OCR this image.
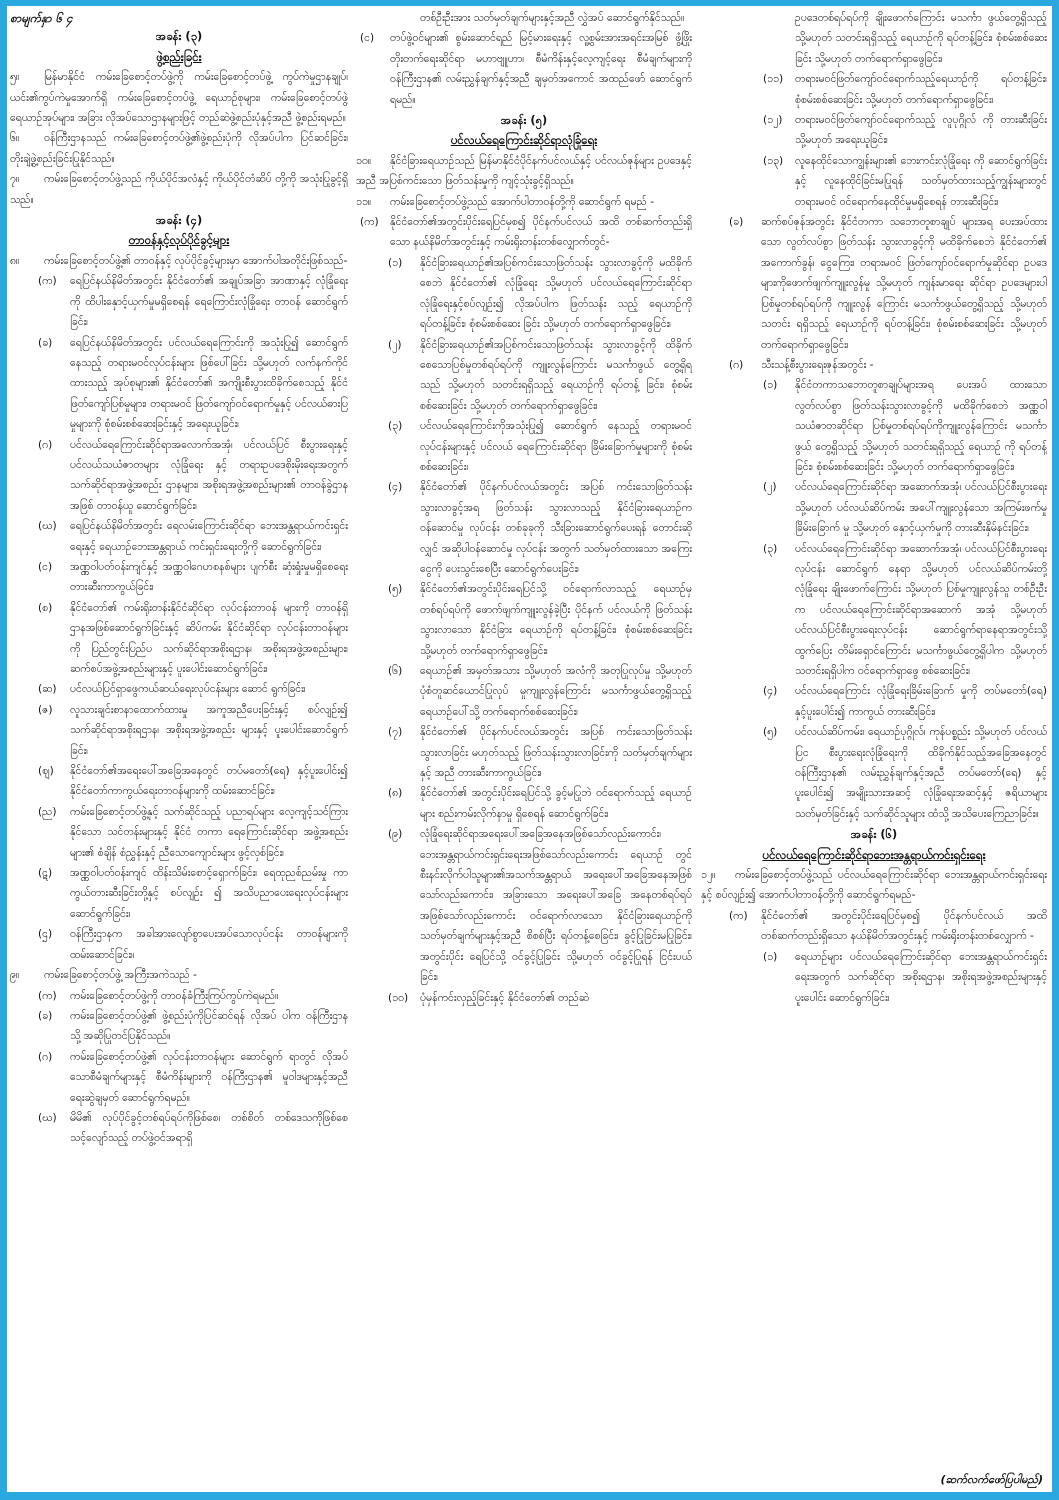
စာမျက်နှာ ၆ ၄
အခန်း (၃)
ဖွဲ့စည်းခြင်း
၅။ မြန်မာနိုင်ငံ ကမ်းခြေစောင့်တပ်ဖွဲ့ကို ကမ်းခြေစောင့်တပ်ဖွဲ့ ကွပ်ကဲမှုဌာနချုပ်၊ ယင်း၏ကွပ်ကဲမှုအောက်ရှိ ကမ်းခြေစောင့်တပ်ဖွဲ့ ရေယာဉ်စုများ၊ ကမ်းခြေစောင့်တပ်ဖွဲ့ ရေယာဉ်အုပ်များ၊ အခြား လိုအပ်သောဌာနများဖြင့် တည်ဆဲဖွဲ့စည်းပုံနှင့်အညီ ဖွဲ့စည်းရမည်။
၆။ ဝန်ကြီးဌာနသည် ကမ်းခြေစောင့်တပ်ဖွဲ့၏ဖွဲ့စည်းပုံကို လိုအပ်ပါက ပြင်ဆင်ခြင်း၊ တိုးချဲ့ဖွဲ့စည်းခြင်းပြုနိုင်သည်။
၇။ ကမ်းခြေစောင့်တပ်ဖွဲ့သည် ကိုယ်ပိုင်အလံနှင့် ကိုယ်ပိုင်တံဆိပ် တို့ကို အသုံးပြုခွင့်ရှိသည်။
အခန်း (၄)
တာဝန်နှင့်လုပ်ပိုင်ခွင့်များ
၈။ ကမ်းခြေစောင့်တပ်ဖွဲ့၏ တာဝန်နှင့် လုပ်ပိုင်ခွင့်များမှာ အောက်ပါအတိုင်းဖြစ်သည်-
(က) ရေပြင်နယ်နိမိတ်အတွင်း နိုင်ငံတော်၏ အချုပ်အခြာ အာဏာနှင့် လုံခြုံရေးကို ထိပါးနှောင့်ယှက်မှုမရှိစေရန် ရေကြောင်းလုံခြုံရေး တာဝန် ဆောင်ရွက်ခြင်း၊
(ခ) ရေပြင်နယ်နိမိတ်အတွင်း ပင်လယ်ရေကြောင်းကို အသုံးပြု၍ ဆောင်ရွက်နေသည့် တရားမဝင်လုပ်ငန်းများ ဖြစ်ပေါ်ခြင်း သို့မဟုတ် လက်နက်ကိုင်ထားသည့် အုပ်စုများ၏ နိုင်ငံတော်၏ အကျိုးစီးပွားထိခိုက်စေသည့် နိုင်ငံဖြတ်ကျော်ပြစ်မှုများ၊ တရားမဝင် ဖြတ်ကျော်ဝင်ရောက်မှုနှင့် ပင်လယ်ဓားပြ မှုများကို စုံစမ်းစစ်ဆေးခြင်းနှင့် အရေးယူခြင်း၊
(ဂ) ပင်လယ်ရေကြောင်းဆိုင်ရာအလောက်အအုံ၊ ပင်လယ်ပြင် စီးပွားရေးနှင့် ပင်လယ်သယံဇာတများ လုံခြုံရေး နှင့် တရားဥပဒေစိုးမိုးရေးအတွက် သက်ဆိုင်ရာအဖွဲ့အစည်း ဌာနများ၊ အစိုးရအဖွဲ့အစည်းများ၏ တာဝန်ခွဲဌာနအဖြစ် တာဝန်ယူ ဆောင်ရွက်ခြင်း၊
(ဃ) ရေပြင်နယ်နိမိတ်အတွင်း ရေလမ်းကြောင်းဆိုင်ရာ ဘေးအန္တရာယ်ကင်းရှင်းရေးနှင့် ရေယာဉ်ဘေးအန္တရာယ် ကင်းရှင်းရေးတို့ကို ဆောင်ရွက်ခြင်း၊
(င) အဏ္ဏဝါပတ်ဝန်းကျင်နှင့် အဏ္ဏဝါဂေဟစနစ်များ ပျက်စီး ဆုံးရှုံးမှုမရှိစေရေး တားဆီးကာကွယ်ခြင်း၊
(စ) နိုင်ငံတော်၏ ကမ်းရိုးတန်းနိုင်ငံဆိုင်ရာ လုပ်ငန်းတာဝန် များကို တာဝန်ရှိဌာနအဖြစ်ဆောင်ရွက်ခြင်းနှင့် ဆိပ်ကမ်း နိုင်ငံဆိုင်ရာ လုပ်ငန်းတာဝန်များကို ပြည်တွင်းပြည်ပ သက်ဆိုင်ရာအစိုးရဌာန၊ အစိုးရအဖွဲ့အစည်းများ၊ ဆက်စပ်အဖွဲ့အစည်းများနှင့် ပူးပေါင်းဆောင်ရွက်ခြင်း၊
(ဆ) ပင်လယ်ပြင်ရှာဖွေကယ်ဆယ်ရေးလုပ်ငန်းများ ဆောင် ရွက်ခြင်း၊
(ဇ) လူသားချင်းစာနာထောက်ထားမှု အကူအညီပေးခြင်းနှင့် စပ်လျဉ်း၍ သက်ဆိုင်ရာအစိုးရဌာန၊ အစိုးရအဖွဲ့အစည်း များနှင့် ပူးပေါင်းဆောင်ရွက်ခြင်း၊
(ဈ) နိုင်ငံတော်၏အရေးပေါ်အခြေအနေတွင် တပ်မတော်(ရေ) နှင့်ပူးပေါင်း၍ နိုင်ငံတော်ကာကွယ်ရေးတာဝန်များကို ထမ်းဆောင်ခြင်း၊
(ည) ကမ်းခြေစောင့်တပ်ဖွဲ့နှင့် သက်ဆိုင်သည့် ပညာရပ်များ လေ့ကျင့်သင်ကြားနိုင်သော သင်တန်းများနှင့် နိုင်ငံ တကာ ရေကြောင်းဆိုင်ရာ အဖွဲ့အစည်းများ၏ စံချိန် စံညွှန်းနှင့် ညီသောကျောင်းများ ဖွင့်လှစ်ခြင်း၊
(ဋ) အဏ္ဏဝါပတ်ဝန်းကျင် ထိန်းသိမ်းစောင့်ရှောက်ခြင်း၊ ရေထုညစ်ညမ်းမှု ကာကွယ်တားဆီးခြင်းတို့နှင့် စပ်လျဉ်း ၍ အသိပညာပေးရေးလုပ်ငန်းများ ဆောင်ရွက်ခြင်း၊
(ဌ) ဝန်ကြီးဌာနက အခါအားလျော်စွာပေးအပ်သောလုပ်ငန်း တာဝန်များကို ထမ်းဆောင်ခြင်း။
၉။ ကမ်းခြေစောင့်တပ်ဖွဲ့ အကြီးအကဲသည် -
(က) ကမ်းခြေစောင့်တပ်ဖွဲ့ကို တာဝန်ခံကြီးကြပ်ကွပ်ကဲရမည်။
(ခ) ကမ်းခြေစောင့်တပ်ဖွဲ့၏ ဖွဲ့စည်းပုံကိုပြင်ဆင်ရန် လိုအပ် ပါက ဝန်ကြီးဌာနသို့ အဆိုပြုတင်ပြနိုင်သည်။
(ဂ) ကမ်းခြေစောင့်တပ်ဖွဲ့၏ လုပ်ငန်းတာဝန်များ ဆောင်ရွက် ရာတွင် လိုအပ်သောစီမံချက်များနှင့် စီမံကိန်းများကို ဝန်ကြီးဌာန၏ မူဝါဒများနှင့်အညီ ရေးဆွဲချမှတ် ဆောင်ရွက်ရမည်။
(ဃ) မိမိ၏ လုပ်ပိုင်ခွင့်တစ်ရပ်ရပ်ကိုဖြစ်စေ၊ တစ်စိတ် တစ်ဒေသကိုဖြစ်စေ သင့်လျော်သည့် တပ်ဖွဲ့ဝင်အရာရှိ
တစ်ဦးဦးအား သတ်မှတ်ချက်များနှင့်အညီ လွှဲအပ် ဆောင်ရွက်နိုင်သည်။
(င) တပ်ဖွဲ့ဝင်များ၏ စွမ်းဆောင်ရည် မြင့်မားရေးနှင့် လူ့စွမ်းအားအရင်းအမြစ် ဖွံ့ဖြိုးတိုးတက်ရေးဆိုင်ရာ မဟာဗျူဟာ၊ စီမံကိန်းနှင့်လေ့ကျင့်ရေး စီမံချက်များကို ဝန်ကြီးဌာန၏ လမ်းညွှန်ချက်နှင့်အညီ ချမှတ်အကောင် အထည်ဖော် ဆောင်ရွက်ရမည်။
အခန်း (၅)
ပင်လယ်ရေကြောင်းဆိုင်ရာလုံခြုံရေး
၁၀။ နိုင်ငံခြားရေယာဉ်သည် မြန်မာနိုင်ငံပိုင်နက်ပင်လယ်နှင့် ပင်လယ်ဇုန်များ ဥပဒေနှင့်အညီ အပြစ်ကင်းသော ဖြတ်သန်းမှုကို ကျင့်သုံးခွင့်ရှိသည်။
၁၁။ ကမ်းခြေစောင့်တပ်ဖွဲ့သည် အောက်ပါတာဝန်တို့ကို ဆောင်ရွက် ရမည် -
(က) နိုင်ငံတော်၏အတွင်းပိုင်းရေပြင်မှစ၍ ပိုင်နက်ပင်လယ် အထိ တစ်ဆက်တည်းရှိသော နယ်နိမိတ်အတွင်းနှင့် ကမ်းရိုးတန်းတစ်လျှောက်တွင်-
(၁) နိုင်ငံခြားရေယာဉ်၏အပြစ်ကင်းသောဖြတ်သန်း သွားလာခွင့်ကို မထိခိုက်စေဘဲ နိုင်ငံတော်၏ လုံခြုံရေး သို့မဟုတ် ပင်လယ်ရေကြောင်းဆိုင်ရာ လုံခြုံရေးနှင့်စပ်လျဉ်း၍ လိုအပ်ပါက ဖြတ်သန်း သည့် ရေယာဉ်ကို ရပ်တန့်ခြင်း၊ စုံစမ်းစစ်ဆေး ခြင်း သို့မဟုတ် တက်ရောက်ရှာဖွေခြင်း၊
(၂) နိုင်ငံခြားရေယာဉ်၏အပြစ်ကင်းသောဖြတ်သန်း သွားလာခွင့်ကို ထိခိုက်စေသောပြစ်မှုတစ်ရပ်ရပ်ကို ကျူးလွန်ကြောင်း မသင်္ကာဖွယ် တွေ့ရှိရသည် သို့မဟုတ် သတင်းရရှိသည့် ရေယာဉ်ကို ရပ်တန့် ခြင်း၊ စုံစမ်းစစ်ဆေးခြင်း သို့မဟုတ် တက်ရောက်ရှာဖွေခြင်း၊
(၃) ပင်လယ်ရေကြောင်းကိုအသုံးပြု၍ ဆောင်ရွက် နေသည့် တရားမဝင်လုပ်ငန်းများနှင့် ပင်လယ် ရေကြောင်းဆိုင်ရာ ခြိမ်းခြောက်မှုများကို စုံစမ်းစစ်ဆေးခြင်း၊
(၄) နိုင်ငံတော်၏ ပိုင်နက်ပင်လယ်အတွင်း အပြစ် ကင်းသောဖြတ်သန်းသွားလာခွင့်အရ ဖြတ်သန်း သွားလာသည့် နိုင်ငံခြားရေယာဉ်က ဝန်ဆောင်မှု လုပ်ငန်း တစ်ခုခုကို သီးခြားဆောင်ရွက်ပေးရန် တောင်းဆိုလျှင် အဆိုပါဝန်ဆောင်မှု လုပ်ငန်း အတွက် သတ်မှတ်ထားသော အကြေးငွေကို ပေးသွင်းစေပြီး ဆောင်ရွက်ပေးခြင်း၊
(၅) နိုင်ငံတော်၏အတွင်းပိုင်းရေပြင်သို့ ဝင်ရောက်လာသည့် ရေယာဉ်မှ တစ်ရပ်ရပ်ကို ဖောက်ဖျက်ကျူးလွန်ခဲ့ပြီး ပိုင်နက် ပင်လယ်ကို ဖြတ်သန်းသွားလာသော နိုင်ငံခြား ရေယာဉ်ကို ရပ်တန့်ခြင်း၊ စုံစမ်းစစ်ဆေးခြင်း သို့မဟုတ် တက်ရောက်ရှာဖွေခြင်း၊
(၆) ရေယာဉ်၏ အမှတ်အသား သို့မဟုတ် အလံကို အတုပြုလုပ်မှု သို့မဟုတ် ပုံစံတူဆင်ယောင်ပြုလုပ် မှုကျူးလွန်ကြောင်း မသင်္ကာဖွယ်တွေ့ရှိသည့် ရေယာဉ်ပေါ်သို့ တက်ရောက်စစ်ဆေးခြင်း၊
(၇) နိုင်ငံတော်၏ ပိုင်နက်ပင်လယ်အတွင်း အပြစ် ကင်းသောဖြတ်သန်းသွားလာခြင်း မဟုတ်သည့် ဖြတ်သန်းသွားလာခြင်းကို သတ်မှတ်ချက်များနှင့် အညီ တားဆီးကာကွယ်ခြင်း၊
(၈) နိုင်ငံတော်၏ အတွင်းပိုင်းရေပြင်သို့ ခွင့်မပြုဘဲ ဝင်ရောက်သည့် ရေယာဉ်များ စည်းကမ်းလိုက်နာမှု ရှိစေရန် ဆောင်ရွက်ခြင်း၊
(၉) လုံခြုံရေးဆိုင်ရာအရေးပေါ်အခြေအနေအဖြစ်သော်လည်းကောင်း၊ ဘေးအန္တရာယ်ကင်းရှင်းရေးအဖြစ်သော်လည်းကောင်း ရေယာဉ် တွင်စီးနင်းလိုက်ပါသူများ၏အသက်အန္တရာယ် အရေးပေါ်အခြေအနေအဖြစ်သော်လည်းကောင်း၊ အခြားသော အရေးပေါ်အခြေ အနေတစ်ရပ်ရပ်အဖြစ်သော်လည်းကောင်း ဝင်ရောက်လာသော နိုင်ငံခြားရေယာဉ်ကို သတ်မှတ်ချက်များနှင့်အညီ စိစစ်ပြီး ရပ်တန့်စေခြင်း၊ ခွင့်ပြုခြင်းမပြုခြင်း၊ အတွင်းပိုင်း ရေပြင်သို့ ဝင်ခွင့်ပြုခြင်း သို့မဟုတ် ဝင်ခွင့်ပြုရန် ငြင်းပယ်ခြင်း၊
(၁၀) ပုံမှန်ကင်းလှည့်ခြင်းနှင့် နိုင်ငံတော်၏ တည်ဆဲ
ဥပဒေတစ်ရပ်ရပ်ကို ချိုးဖောက်ကြောင်း မသင်္ကာ ဖွယ်တွေ့ရှိသည့် သို့မဟုတ် သတင်းရရှိသည့် ရေယာဉ်ကို ရပ်တန့်ခြင်း၊ စုံစမ်းစစ်ဆေးခြင်း သို့မဟုတ် တက်ရောက်ရှာဖွေခြင်း၊
(၁၁) တရားမဝင်ဖြတ်ကျော်ဝင်ရောက်သည့်ရေယာဉ်ကို ရပ်တန့်ခြင်း၊ စုံစမ်းစစ်ဆေးခြင်း သို့မဟုတ် တက်ရောက်ရှာဖွေခြင်း၊
(၁၂) တရားမဝင်ဖြတ်ကျော်ဝင်ရောက်သည့် လူပုဂ္ဂိုလ် ကို တားဆီးခြင်း သို့မဟုတ် အရေးယူခြင်း၊
(၁၃) လူနေထိုင်သောကျွန်းများ၏ ဘေးကင်းလုံခြုံရေး ကို ဆောင်ရွက်ခြင်းနှင့် လူနေထိုင်ခြင်းမပြုရန် သတ်မှတ်ထားသည့်ကျွန်းများတွင် တရားမဝင် ဝင်ရောက်နေထိုင်မှုမရှိစေရန် တားဆီးခြင်း၊
(ခ) ဆက်စပ်ဇုန်အတွင်း နိုင်ငံတကာ သဘောတူစာချုပ် များအရ ပေးအပ်ထားသော လွတ်လပ်စွာ ဖြတ်သန်း သွားလာခွင့်ကို မထိခိုက်စေဘဲ နိုင်ငံတော်၏ အကောက်ခွန်၊ ငွေကြေး၊ တရားမဝင် ဖြတ်ကျော်ဝင်ရောက်မှုဆိုင်ရာ ဥပဒေများကိုဖောက်ဖျက်ကျူးလွန်မှု သို့မဟုတ် ကျန်းမာရေး ဆိုင်ရာ ဥပဒေများပါ ပြစ်မှုတစ်ရပ်ရပ်ကို ကျူးလွန် ကြောင်း မသင်္ကာဖွယ်တွေ့ရှိသည့် သို့မဟုတ် သတင်း ရရှိသည့် ရေယာဉ်ကို ရပ်တန့်ခြင်း၊ စုံစမ်းစစ်ဆေးခြင်း သို့မဟုတ် တက်ရောက်ရှာဖွေခြင်း၊
(ဂ) သီးသန့်စီးပွားရေးဇုန်အတွင်း -
(၁) နိုင်ငံတကာသဘောတူစာချုပ်များအရ ပေးအပ် ထားသော လွတ်လပ်စွာ ဖြတ်သန်းသွားလာခွင့်ကို မထိခိုက်စေဘဲ အဏ္ဏဝါသယံဇာတဆိုင်ရာ ပြစ်မှုတစ်ရပ်ရပ်ကိုကျူးလွန်ကြောင်း မသင်္ကာဖွယ် တွေ့ရှိသည့် သို့မဟုတ် သတင်းရရှိသည့် ရေယာဉ် ကို ရပ်တန့်ခြင်း၊ စုံစမ်းစစ်ဆေးခြင်း သို့မဟုတ် တက်ရောက်ရှာဖွေခြင်း၊
(၂) ပင်လယ်ရေကြောင်းဆိုင်ရာ အဆောက်အအုံ၊ ပင်လယ်ပြင်စီးပွားရေး သို့မဟုတ် ပင်လယ်ဆိပ်ကမ်း အပေါ်ကျူးလွန်သော အကြမ်းဖက်မှု ခြိမ်းခြောက် မှု သို့မဟုတ် နှောင့်ယှက်မှုကို တားဆီးနှိမ်နင်းခြင်း၊
(၃) ပင်လယ်ရေကြောင်းဆိုင်ရာ အဆောက်အအုံ၊ ပင်လယ်ပြင်စီးပွားရေးလုပ်ငန်း ဆောင်ရွက် နေရာ သို့မဟုတ် ပင်လယ်ဆိပ်ကမ်းတို့ လုံခြုံရေး ချိုးဖောက်ကြောင်း သို့မဟုတ် ပြစ်မှုကျူးလွန်သူ တစ်ဦးဦးက ပင်လယ်ရေကြောင်းဆိုင်ရာအဆောက် အအုံ သို့မဟုတ် ပင်လယ်ပြင်စီးပွားရေးလုပ်ငန်း ဆောင်ရွက်ရာနေရာအတွင်းသို့ ထွက်ပြေး တိမ်းရှောင်ကြောင်း မသင်္ကာဖွယ်တွေ့ရှိပါက သို့မဟုတ် သတင်းရရှိပါက ဝင်ရောက်ရှာဖွေ စစ်ဆေးခြင်း၊
(၄) ပင်လယ်ရေကြောင်း လုံခြုံရေးခြိမ်းခြောက် မှုကို တပ်မတော်(ရေ) နှင့်ပူးပေါင်း၍ ကာကွယ် တားဆီးခြင်း၊
(၅) ပင်လယ်ဆိပ်ကမ်း၊ ရေယာဉ်ပုဂ္ဂိုလ်၊ ကုန်ပစ္စည်း သို့မဟုတ် ပင်လယ်ပြင စီးပွားရေးလုံခြုံရေးကို ထိခိုက်နိုင်သည့်အခြေအနေတွင် ဝန်ကြီးဌာန၏ လမ်းညွှန်ချက်နှင့်အညီ တပ်မတော်(ရေ) နှင့် ပူးပေါင်း၍ အမျိုးသားအဆင့် လုံခြုံရေးအဆင့်နှင့် ဇရိယာများသတ်မှတ်ခြင်းနှင့် သက်ဆိုင်သူများ ထံသို့ အသိပေးကြေညာခြင်း။
အခန်း (၆)
ပင်လယ်ရေကြောင်းဆိုင်ရာဘေးအန္တရာယ်ကင်းရှင်းရေး
၁၂။ ကမ်းခြေစောင့်တပ်ဖွဲ့သည် ပင်လယ်ရေကြောင်းဆိုင်ရာ ဘေးအန္တရာယ်ကင်းရှင်းရေးနှင့် စပ်လျဉ်း၍ အောက်ပါတာဝန်တို့ကို ဆောင်ရွက်ရမည်-
(က) နိုင်ငံတော်၏ အတွင်းပိုင်းရေပြင်မှစ၍ ပိုင်နက်ပင်လယ် အထိ တစ်ဆက်တည်းရှိသော နယ်နိမိတ်အတွင်းနှင့် ကမ်းရိုးတန်းတစ်လျှောက် -
(၁) ရေယာဉ်များ ပင်လယ်ရေကြောင်းဆိုင်ရာ ဘေးအန္တရာယ်ကင်းရှင်းရေးအတွက် သက်ဆိုင်ရာ အစိုးရဌာန၊ အစိုးရအဖွဲ့အစည်းများနှင့် ပူးပေါင်း ဆောင်ရွက်ခြင်း၊
(ဆက်လက်ဖော်ပြပါမည်)
